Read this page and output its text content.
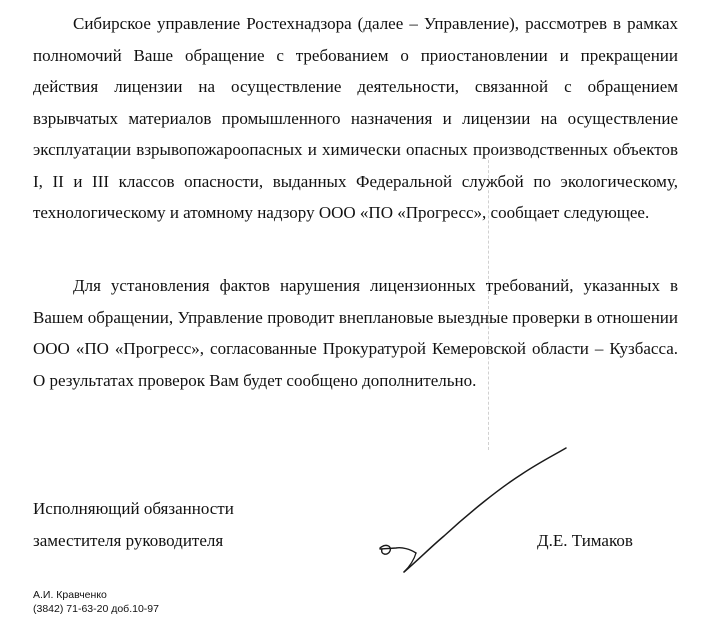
Сибирское управление Ростехнадзора (далее – Управление), рассмотрев в рамках полномочий Ваше обращение с требованием о приостановлении и прекращении действия лицензии на осуществление деятельности, связанной с обращением взрывчатых материалов промышленного назначения и лицензии на осуществление эксплуатации взрывопожароопасных и химически опасных производственных объектов I, II и III классов опасности, выданных Федеральной службой по экологическому, технологическому и атомному надзору ООО «ПО «Прогресс», сообщает следующее.

Для установления фактов нарушения лицензионных требований, указанных в Вашем обращении, Управление проводит внеплановые выездные проверки в отношении ООО «ПО «Прогресс», согласованные Прокуратурой Кемеровской области – Кузбасса. О результатах проверок Вам будет сообщено дополнительно.

Исполняющий обязанности

заместителя руководителя	Д.Е. Тимаков

А.И. Кравченко

(3842) 71-63-20 доб.10-97
